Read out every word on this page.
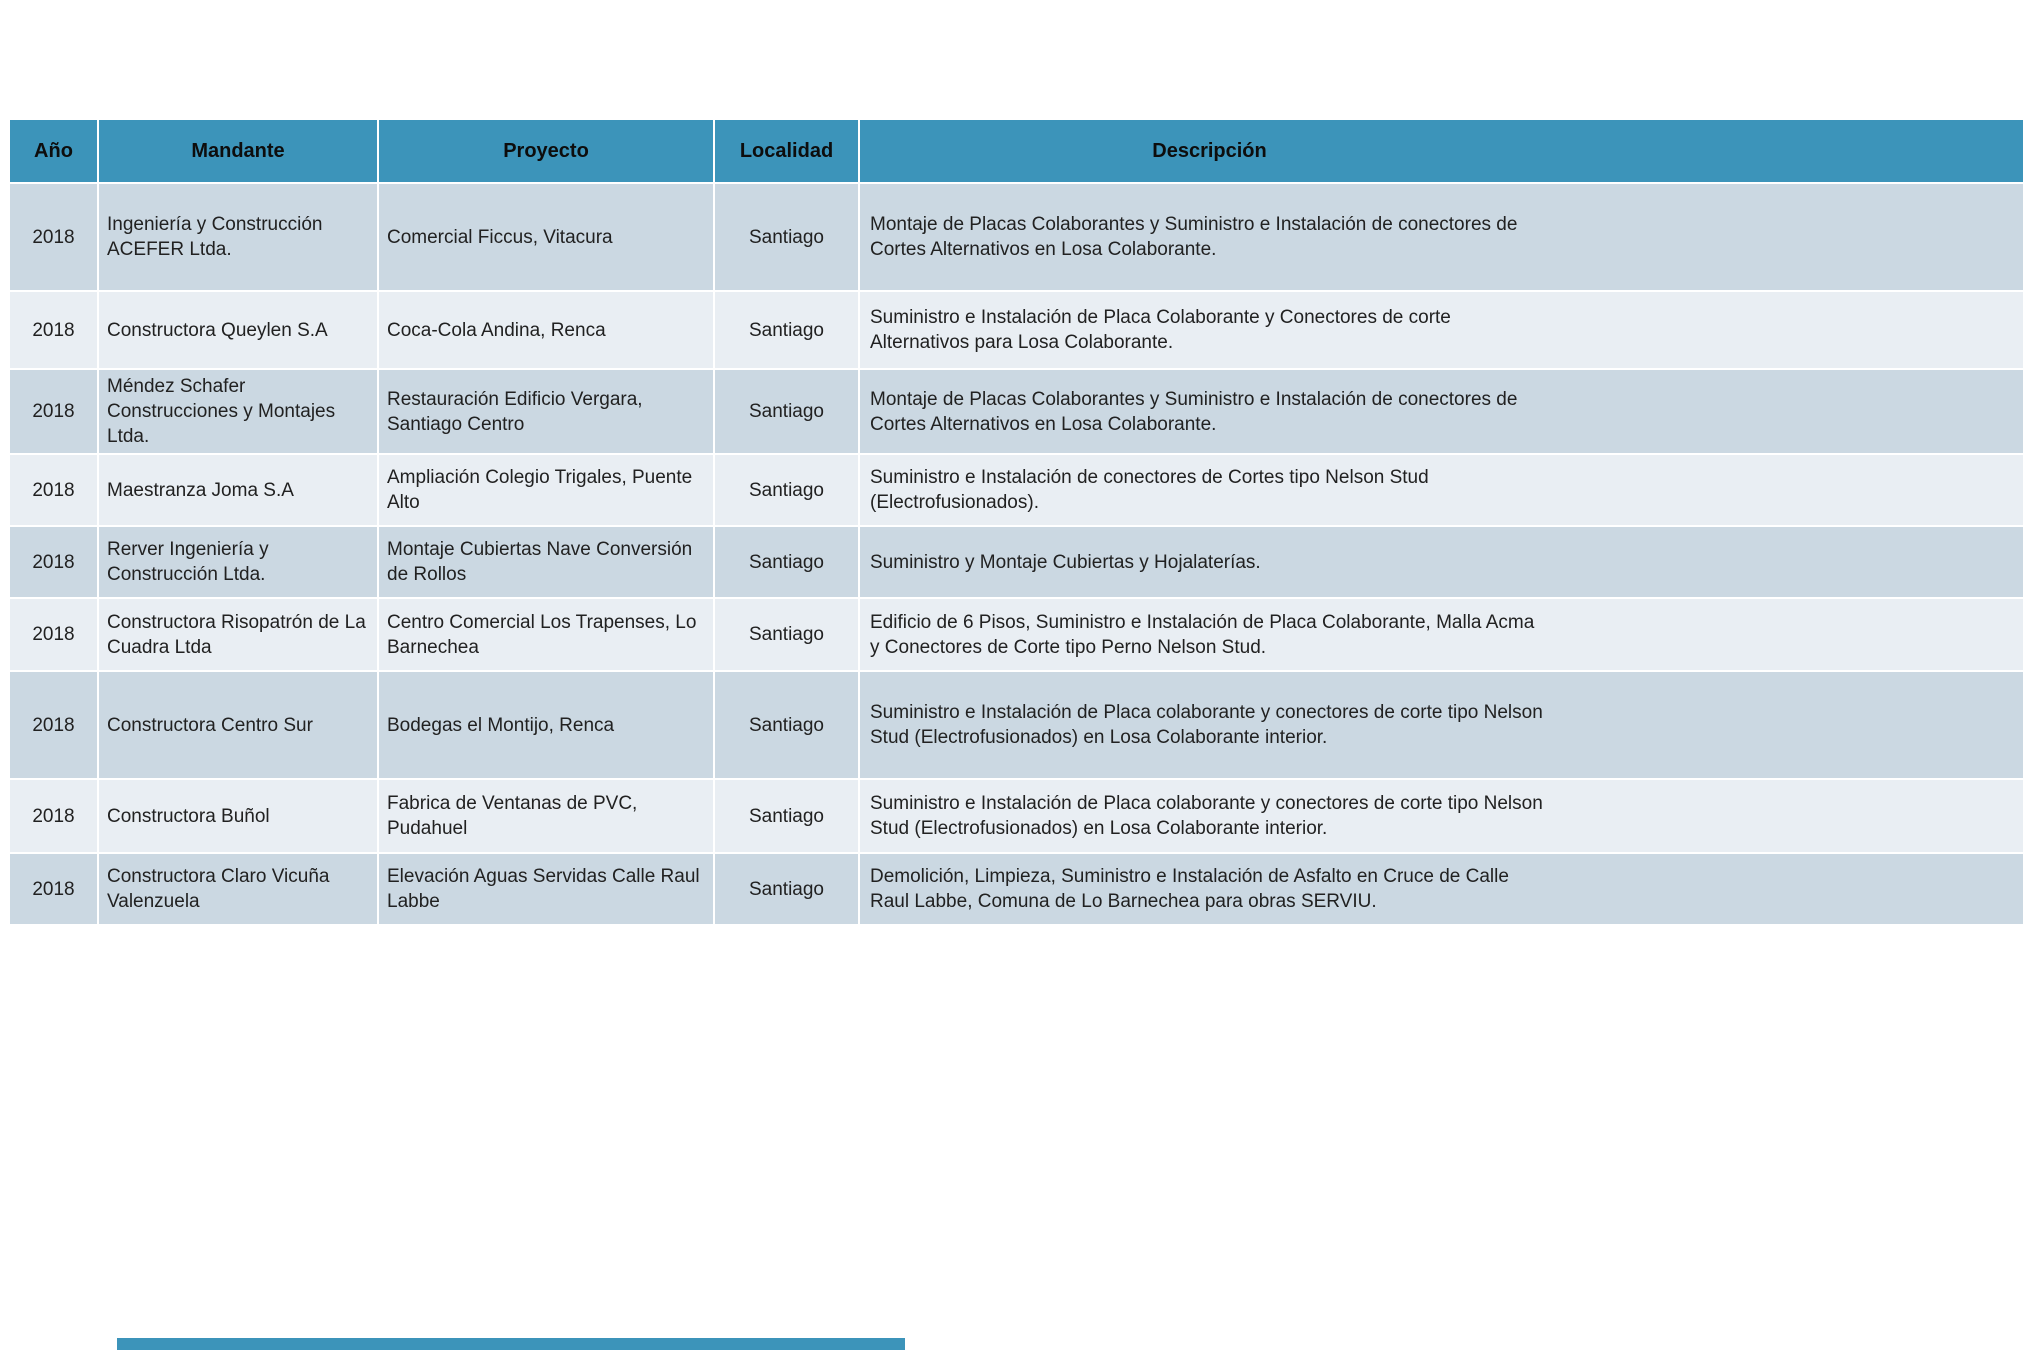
Año	Mandante	Proyecto	Localidad	Descripción
2018	Ingeniería y Construcción ACEFER Ltda.	Comercial Ficcus, Vitacura	Santiago	Montaje de Placas Colaborantes y Suministro e Instalación de conectores de Cortes Alternativos en Losa Colaborante.
2018	Constructora Queylen S.A	Coca-Cola Andina, Renca	Santiago	Suministro e Instalación de Placa Colaborante y Conectores de corte Alternativos para Losa Colaborante.
2018	Méndez Schafer Construcciones y Montajes Ltda.	Restauración Edificio Vergara, Santiago Centro	Santiago	Montaje de Placas Colaborantes y Suministro e Instalación de conectores de Cortes Alternativos en Losa Colaborante.
2018	Maestranza Joma S.A	Ampliación Colegio Trigales, Puente Alto	Santiago	Suministro e Instalación de conectores de Cortes tipo Nelson Stud (Electrofusionados).
2018	Rerver Ingeniería y Construcción Ltda.	Montaje Cubiertas Nave Conversión de Rollos	Santiago	Suministro y Montaje Cubiertas y Hojalaterías.
2018	Constructora Risopatrón de La Cuadra Ltda	Centro Comercial Los Trapenses, Lo Barnechea	Santiago	Edificio de 6 Pisos, Suministro e Instalación de Placa Colaborante, Malla Acma y Conectores de Corte tipo Perno Nelson Stud.
2018	Constructora Centro Sur	Bodegas el Montijo, Renca	Santiago	Suministro e Instalación de Placa colaborante y conectores de corte tipo Nelson Stud (Electrofusionados) en Losa Colaborante interior.
2018	Constructora Buñol	Fabrica de Ventanas de PVC, Pudahuel	Santiago	Suministro e Instalación de Placa colaborante y conectores de corte tipo Nelson Stud (Electrofusionados) en Losa Colaborante interior.
2018	Constructora Claro Vicuña Valenzuela	Elevación Aguas Servidas Calle Raul Labbe	Santiago	Demolición, Limpieza, Suministro e Instalación de Asfalto en Cruce de Calle Raul Labbe, Comuna de Lo Barnechea para obras SERVIU.
